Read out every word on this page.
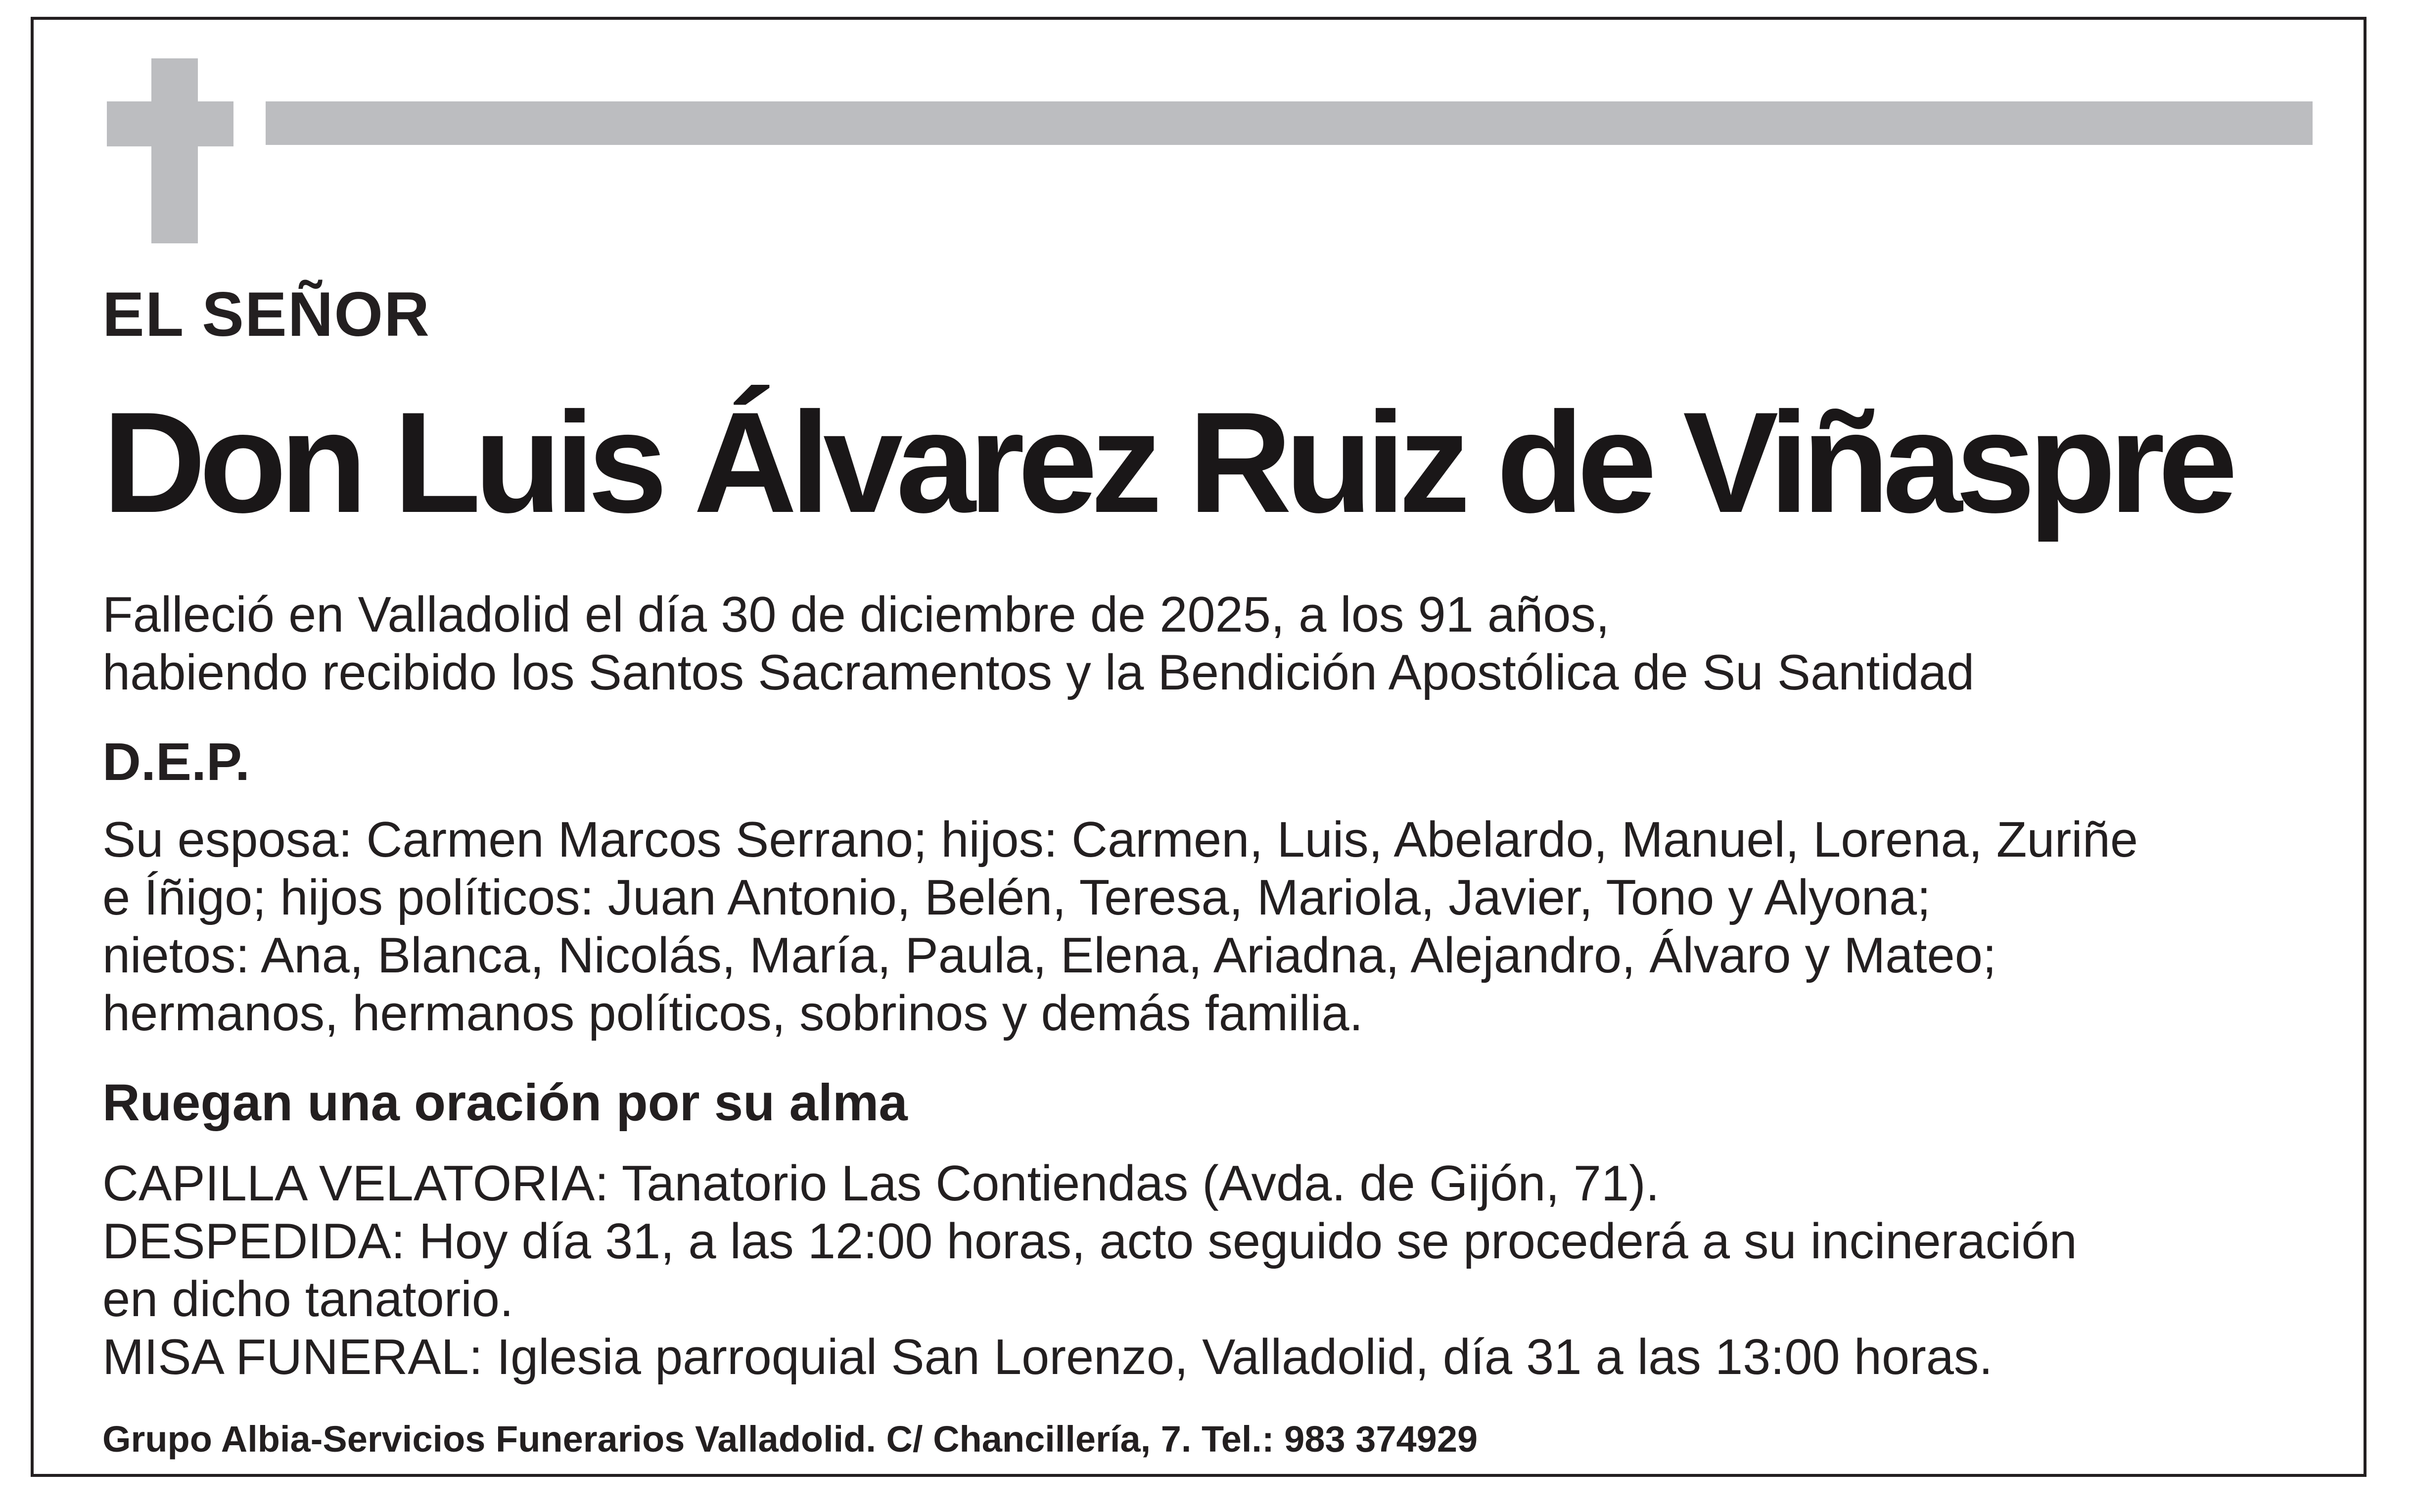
EL SEÑOR
Don Luis Álvarez Ruiz de Viñaspre
Falleció en Valladolid el día 30 de diciembre de 2025, a los 91 años,
habiendo recibido los Santos Sacramentos y la Bendición Apostólica de Su Santidad
D.E.P.
Su esposa: Carmen Marcos Serrano; hijos: Carmen, Luis, Abelardo, Manuel, Lorena, Zuriñe
e Íñigo; hijos políticos: Juan Antonio, Belén, Teresa, Mariola, Javier, Tono y Alyona;
nietos: Ana, Blanca, Nicolás, María, Paula, Elena, Ariadna, Alejandro, Álvaro y Mateo;
hermanos, hermanos políticos, sobrinos y demás familia.
Ruegan una oración por su alma
CAPILLA VELATORIA: Tanatorio Las Contiendas (Avda. de Gijón, 71).
DESPEDIDA: Hoy día 31, a las 12:00 horas, acto seguido se procederá a su incineración
en dicho tanatorio.
MISA FUNERAL: Iglesia parroquial San Lorenzo, Valladolid, día 31 a las 13:00 horas.
Grupo Albia-Servicios Funerarios Valladolid. C/ Chancillería, 7. Tel.: 983 374929
